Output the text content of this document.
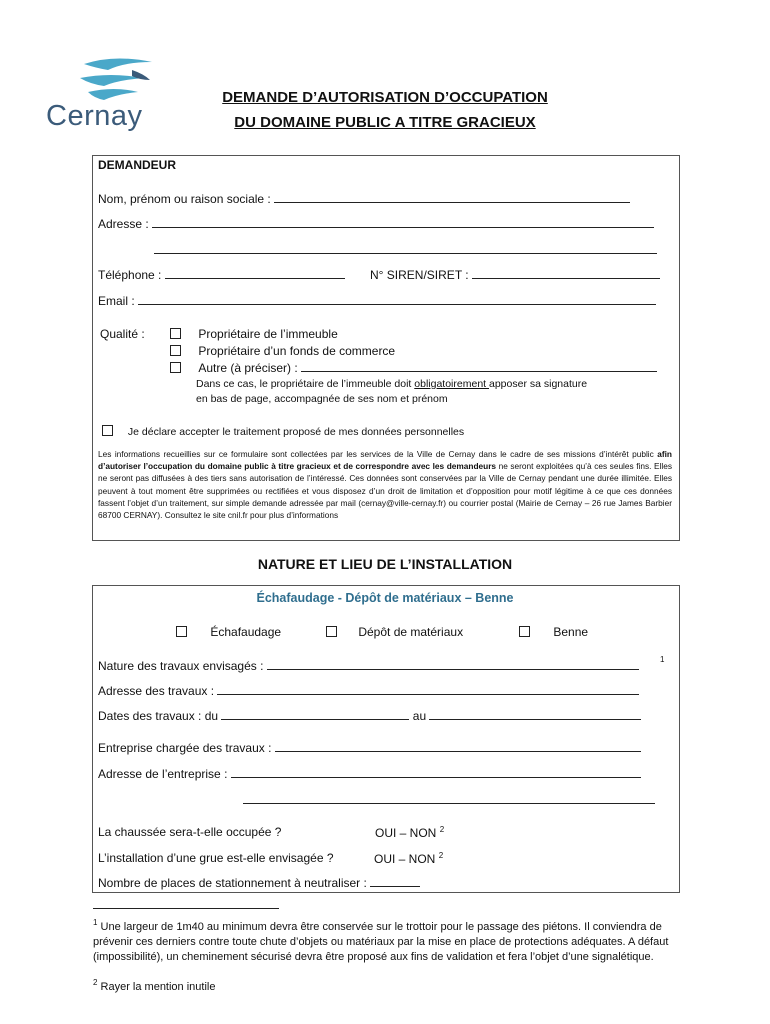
Cernay
DEMANDE D’AUTORISATION D’OCCUPATION
DU DOMAINE PUBLIC A TITRE GRACIEUX
DEMANDEUR
Nom, prénom ou raison sociale :
Adresse :
Téléphone :	N° SIREN/SIRET :
Email :
Qualité :	Propriétaire de l’immeuble
Propriétaire d’un fonds de commerce
Autre (à préciser) :
Dans ce cas, le propriétaire de l’immeuble doit obligatoirement apposer sa signature
en bas de page, accompagnée de ses nom et prénom
Je déclare accepter le traitement proposé de mes données personnelles
Les informations recueillies sur ce formulaire sont collectées par les services de la Ville de Cernay dans le cadre de ses missions d’intérêt public afin d’autoriser l’occupation du domaine public à titre gracieux et de correspondre avec les demandeurs ne seront exploitées qu’à ces seules fins. Elles ne seront pas diffusées à des tiers sans autorisation de l’intéressé. Ces données sont conservées par la Ville de Cernay pendant une durée illimitée. Elles peuvent à tout moment être supprimées ou rectifiées et vous disposez d’un droit de limitation et d’opposition pour motif légitime à ce que ces données fassent l’objet d’un traitement, sur simple demande adressée par mail (cernay@ville-cernay.fr) ou courrier postal (Mairie de Cernay – 26 rue James Barbier 68700 CERNAY). Consultez le site cnil.fr pour plus d’informations
NATURE ET LIEU DE L’INSTALLATION
Échafaudage - Dépôt de matériaux – Benne
Échafaudage	Dépôt de matériaux	Benne
Nature des travaux envisagés :	1
Adresse des travaux :
Dates des travaux : du	au
Entreprise chargée des travaux :
Adresse de l’entreprise :
La chaussée sera-t-elle occupée ?	OUI – NON $^2$
L’installation d’une grue est-elle envisagée ?	OUI – NON $^2$
Nombre de places de stationnement à neutraliser :
$^1$ Une largeur de 1m40 au minimum devra être conservée sur le trottoir pour le passage des piétons. Il conviendra de prévenir ces derniers contre toute chute d’objets ou matériaux par la mise en place de protections adéquates. A défaut (impossibilité), un cheminement sécurisé devra être proposé aux fins de validation et fera l’objet d’une signalétique.
$^2$ Rayer la mention inutile
